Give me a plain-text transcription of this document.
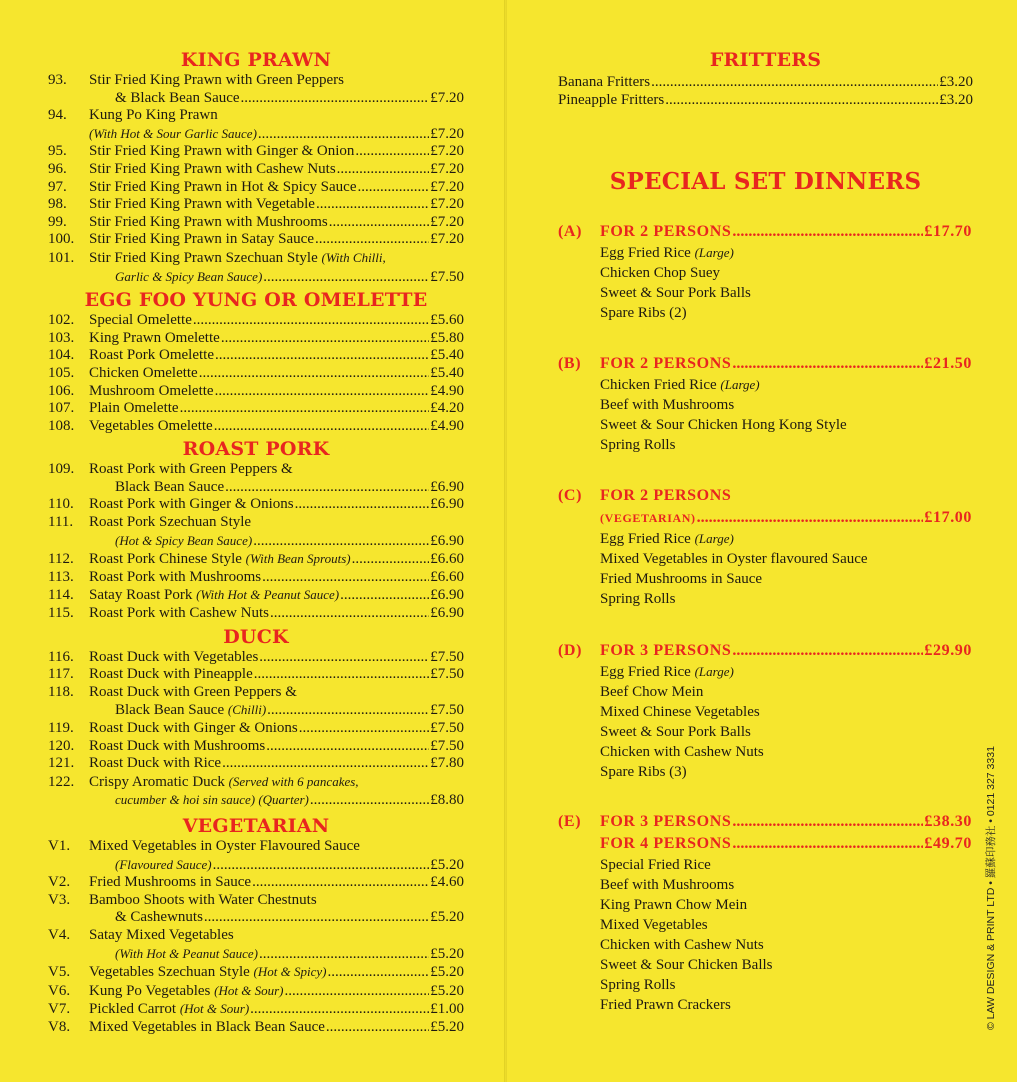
KING PRAWN
93.	Stir Fried King Prawn with Green Peppers
& Black Bean Sauce .....	£7.20
94.	Kung Po King Prawn
(With Hot & Sour Garlic Sauce) .....	£7.20
95.	Stir Fried King Prawn with Ginger & Onion .....	£7.20
96.	Stir Fried King Prawn with Cashew Nuts .....	£7.20
97.	Stir Fried King Prawn in Hot & Spicy Sauce .....	£7.20
98.	Stir Fried King Prawn with Vegetable .....	£7.20
99.	Stir Fried King Prawn with Mushrooms .....	£7.20
100. Stir Fried King Prawn in Satay Sauce .....	£7.20
101. Stir Fried King Prawn Szechuan Style (With Chilli,
Garlic & Spicy Bean Sauce) .....	£7.50
EGG FOO YUNG OR OMELETTE
102. Special Omelette .....	£5.60
103. King Prawn Omelette .....	£5.80
104. Roast Pork Omelette .....	£5.40
105. Chicken Omelette .....	£5.40
106. Mushroom Omelette .....	£4.90
107. Plain Omelette .....	£4.20
108. Vegetables Omelette .....	£4.90
ROAST PORK
109. Roast Pork with Green Peppers &
Black Bean Sauce .....	£6.90
110.	Roast Pork with Ginger & Onions .....	£6.90
111.	Roast Pork Szechuan Style
(Hot & Spicy Bean Sauce) .....	£6.90
112.	Roast Pork Chinese Style (With Bean Sprouts) .....	£6.60
113.	Roast Pork with Mushrooms .....	£6.60
114.	Satay Roast Pork (With Hot & Peanut Sauce) .....	£6.90
115.	Roast Pork with Cashew Nuts .....	£6.90
DUCK
116.	Roast Duck with Vegetables .....	£7.50
117.	Roast Duck with Pineapple .....	£7.50
118.	Roast Duck with Green Peppers &
Black Bean Sauce (Chilli) .....	£7.50
119.	Roast Duck with Ginger & Onions .....	£7.50
120. Roast Duck with Mushrooms .....	£7.50
121. Roast Duck with Rice .....	£7.80
122. Crispy Aromatic Duck (Served with 6 pancakes,
cucumber & hoi sin sauce) (Quarter) .....	£8.80
VEGETARIAN
V1.	Mixed Vegetables in Oyster Flavoured Sauce
(Flavoured Sauce) .....	£5.20
V2.	Fried Mushrooms in Sauce .....	£4.60
V3.	Bamboo Shoots with Water Chestnuts
& Cashewnuts .....	£5.20
V4.	Satay Mixed Vegetables
(With Hot & Peanut Sauce) .....	£5.20
V5.	Vegetables Szechuan Style (Hot & Spicy) .....	£5.20
V6.	Kung Po Vegetables (Hot & Sour) .....	£5.20
V7.	Pickled Carrot (Hot & Sour) .....	£1.00
V8.	Mixed Vegetables in Black Bean Sauce .....	£5.20
FRITTERS
Banana Fritters .....	£3.20
Pineapple Fritters .....	£3.20
SPECIAL SET DINNERS
(A)	FOR 2 PERSONS .....	£17.70
Egg Fried Rice (Large)
Chicken Chop Suey
Sweet & Sour Pork Balls
Spare Ribs (2)
(B)	FOR 2 PERSONS .....	£21.50
Chicken Fried Rice (Large)
Beef with Mushrooms
Sweet & Sour Chicken Hong Kong Style
Spring Rolls
(C)	FOR 2 PERSONS
(VEGETARIAN) .....	£17.00
Egg Fried Rice (Large)
Mixed Vegetables in Oyster flavoured Sauce
Fried Mushrooms in Sauce
Spring Rolls
(D)	FOR 3 PERSONS .....	£29.90
Egg Fried Rice (Large)
Beef Chow Mein
Mixed Chinese Vegetables
Sweet & Sour Pork Balls
Chicken with Cashew Nuts
Spare Ribs (3)
(E)	FOR 3 PERSONS .....	£38.30
FOR 4 PERSONS .....	£49.70
Special Fried Rice
Beef with Mushrooms
King Prawn Chow Mein
Mixed Vegetables
Chicken with Cashew Nuts
Sweet & Sour Chicken Balls
Spring Rolls
Fried Prawn Crackers	© LAW DESIGN & PRINT LTD • 羅蘇印務社 • 0121 327 3331
